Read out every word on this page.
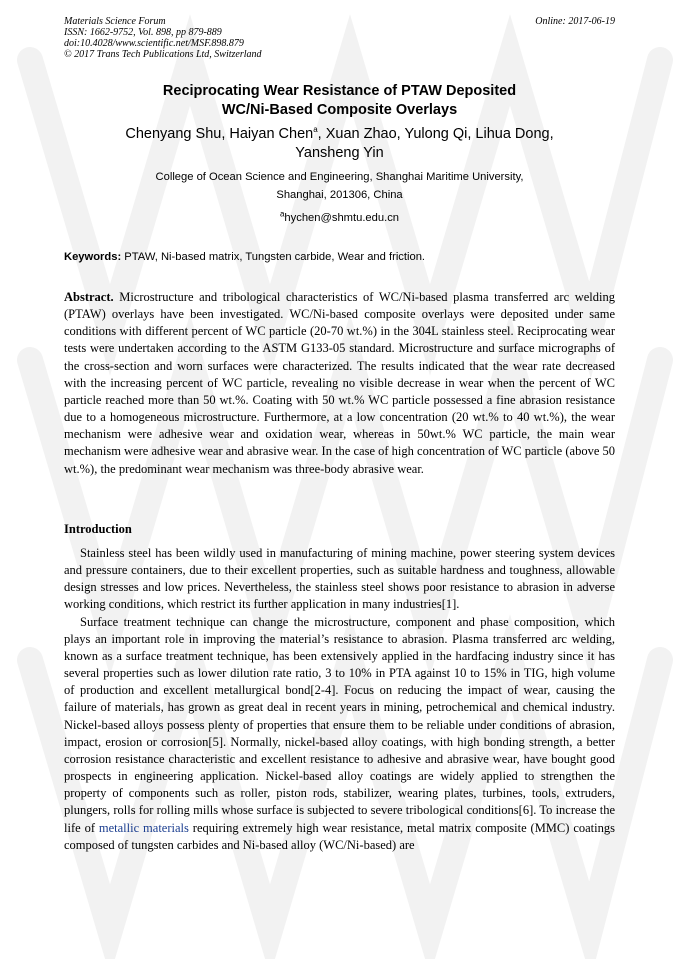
Materials Science Forum
ISSN: 1662-9752, Vol. 898, pp 879-889
doi:10.4028/www.scientific.net/MSF.898.879
© 2017 Trans Tech Publications Ltd, Switzerland
Online: 2017-06-19
Reciprocating Wear Resistance of PTAW Deposited
WC/Ni-Based Composite Overlays
Chenyang Shu, Haiyan Chen$^a$, Xuan Zhao, Yulong Qi, Lihua Dong,
Yansheng Yin
College of Ocean Science and Engineering, Shanghai Maritime University,
Shanghai, 201306, China
$^a$hychen@shmtu.edu.cn
Keywords: PTAW, Ni-based matrix, Tungsten carbide, Wear and friction.

Abstract. Microstructure and tribological characteristics of WC/Ni-based plasma transferred arc welding (PTAW) overlays have been investigated. WC/Ni-based composite overlays were deposited under same conditions with different percent of WC particle (20-70 wt.%) in the 304L stainless steel. Reciprocating wear tests were undertaken according to the ASTM G133-05 standard. Microstructure and surface micrographs of the cross-section and worn surfaces were characterized. The results indicated that the wear rate decreased with the increasing percent of WC particle, revealing no visible decrease in wear when the percent of WC particle reached more than 50 wt.%. Coating with 50 wt.% WC particle possessed a fine abrasion resistance due to a homogeneous microstructure. Furthermore, at a low concentration (20 wt.% to 40 wt.%), the wear mechanism were adhesive wear and oxidation wear, whereas in 50wt.% WC particle, the main wear mechanism were adhesive wear and abrasive wear. In the case of high concentration of WC particle (above 50 wt.%), the predominant wear mechanism was three-body abrasive wear.

Introduction

Stainless steel has been wildly used in manufacturing of mining machine, power steering system devices and pressure containers, due to their excellent properties, such as suitable hardness and toughness, allowable design stresses and low prices. Nevertheless, the stainless steel shows poor resistance to abrasion in adverse working conditions, which restrict its further application in many industries[1].

Surface treatment technique can change the microstructure, component and phase composition, which plays an important role in improving the material’s resistance to abrasion. Plasma transferred arc welding, known as a surface treatment technique, has been extensively applied in the hardfacing industry since it has several properties such as lower dilution rate ratio, 3 to 10% in PTA against 10 to 15% in TIG, high volume of production and excellent metallurgical bond[2-4]. Focus on reducing the impact of wear, causing the failure of materials, has grown as great deal in recent years in mining, petrochemical and chemical industry. Nickel-based alloys possess plenty of properties that ensure them to be reliable under conditions of abrasion, impact, erosion or corrosion[5]. Normally, nickel-based alloy coatings, with high bonding strength, a better corrosion resistance characteristic and excellent resistance to adhesive and abrasive wear, have bought good prospects in engineering application. Nickel-based alloy coatings are widely applied to strengthen the property of components such as roller, piston rods, stabilizer, wearing plates, turbines, tools, extruders, plungers, rolls for rolling mills whose surface is subjected to severe tribological conditions[6]. To increase the life of metallic materials requiring extremely high wear resistance, metal matrix composite (MMC) coatings composed of tungsten carbides and Ni-based alloy (WC/Ni-based) are
